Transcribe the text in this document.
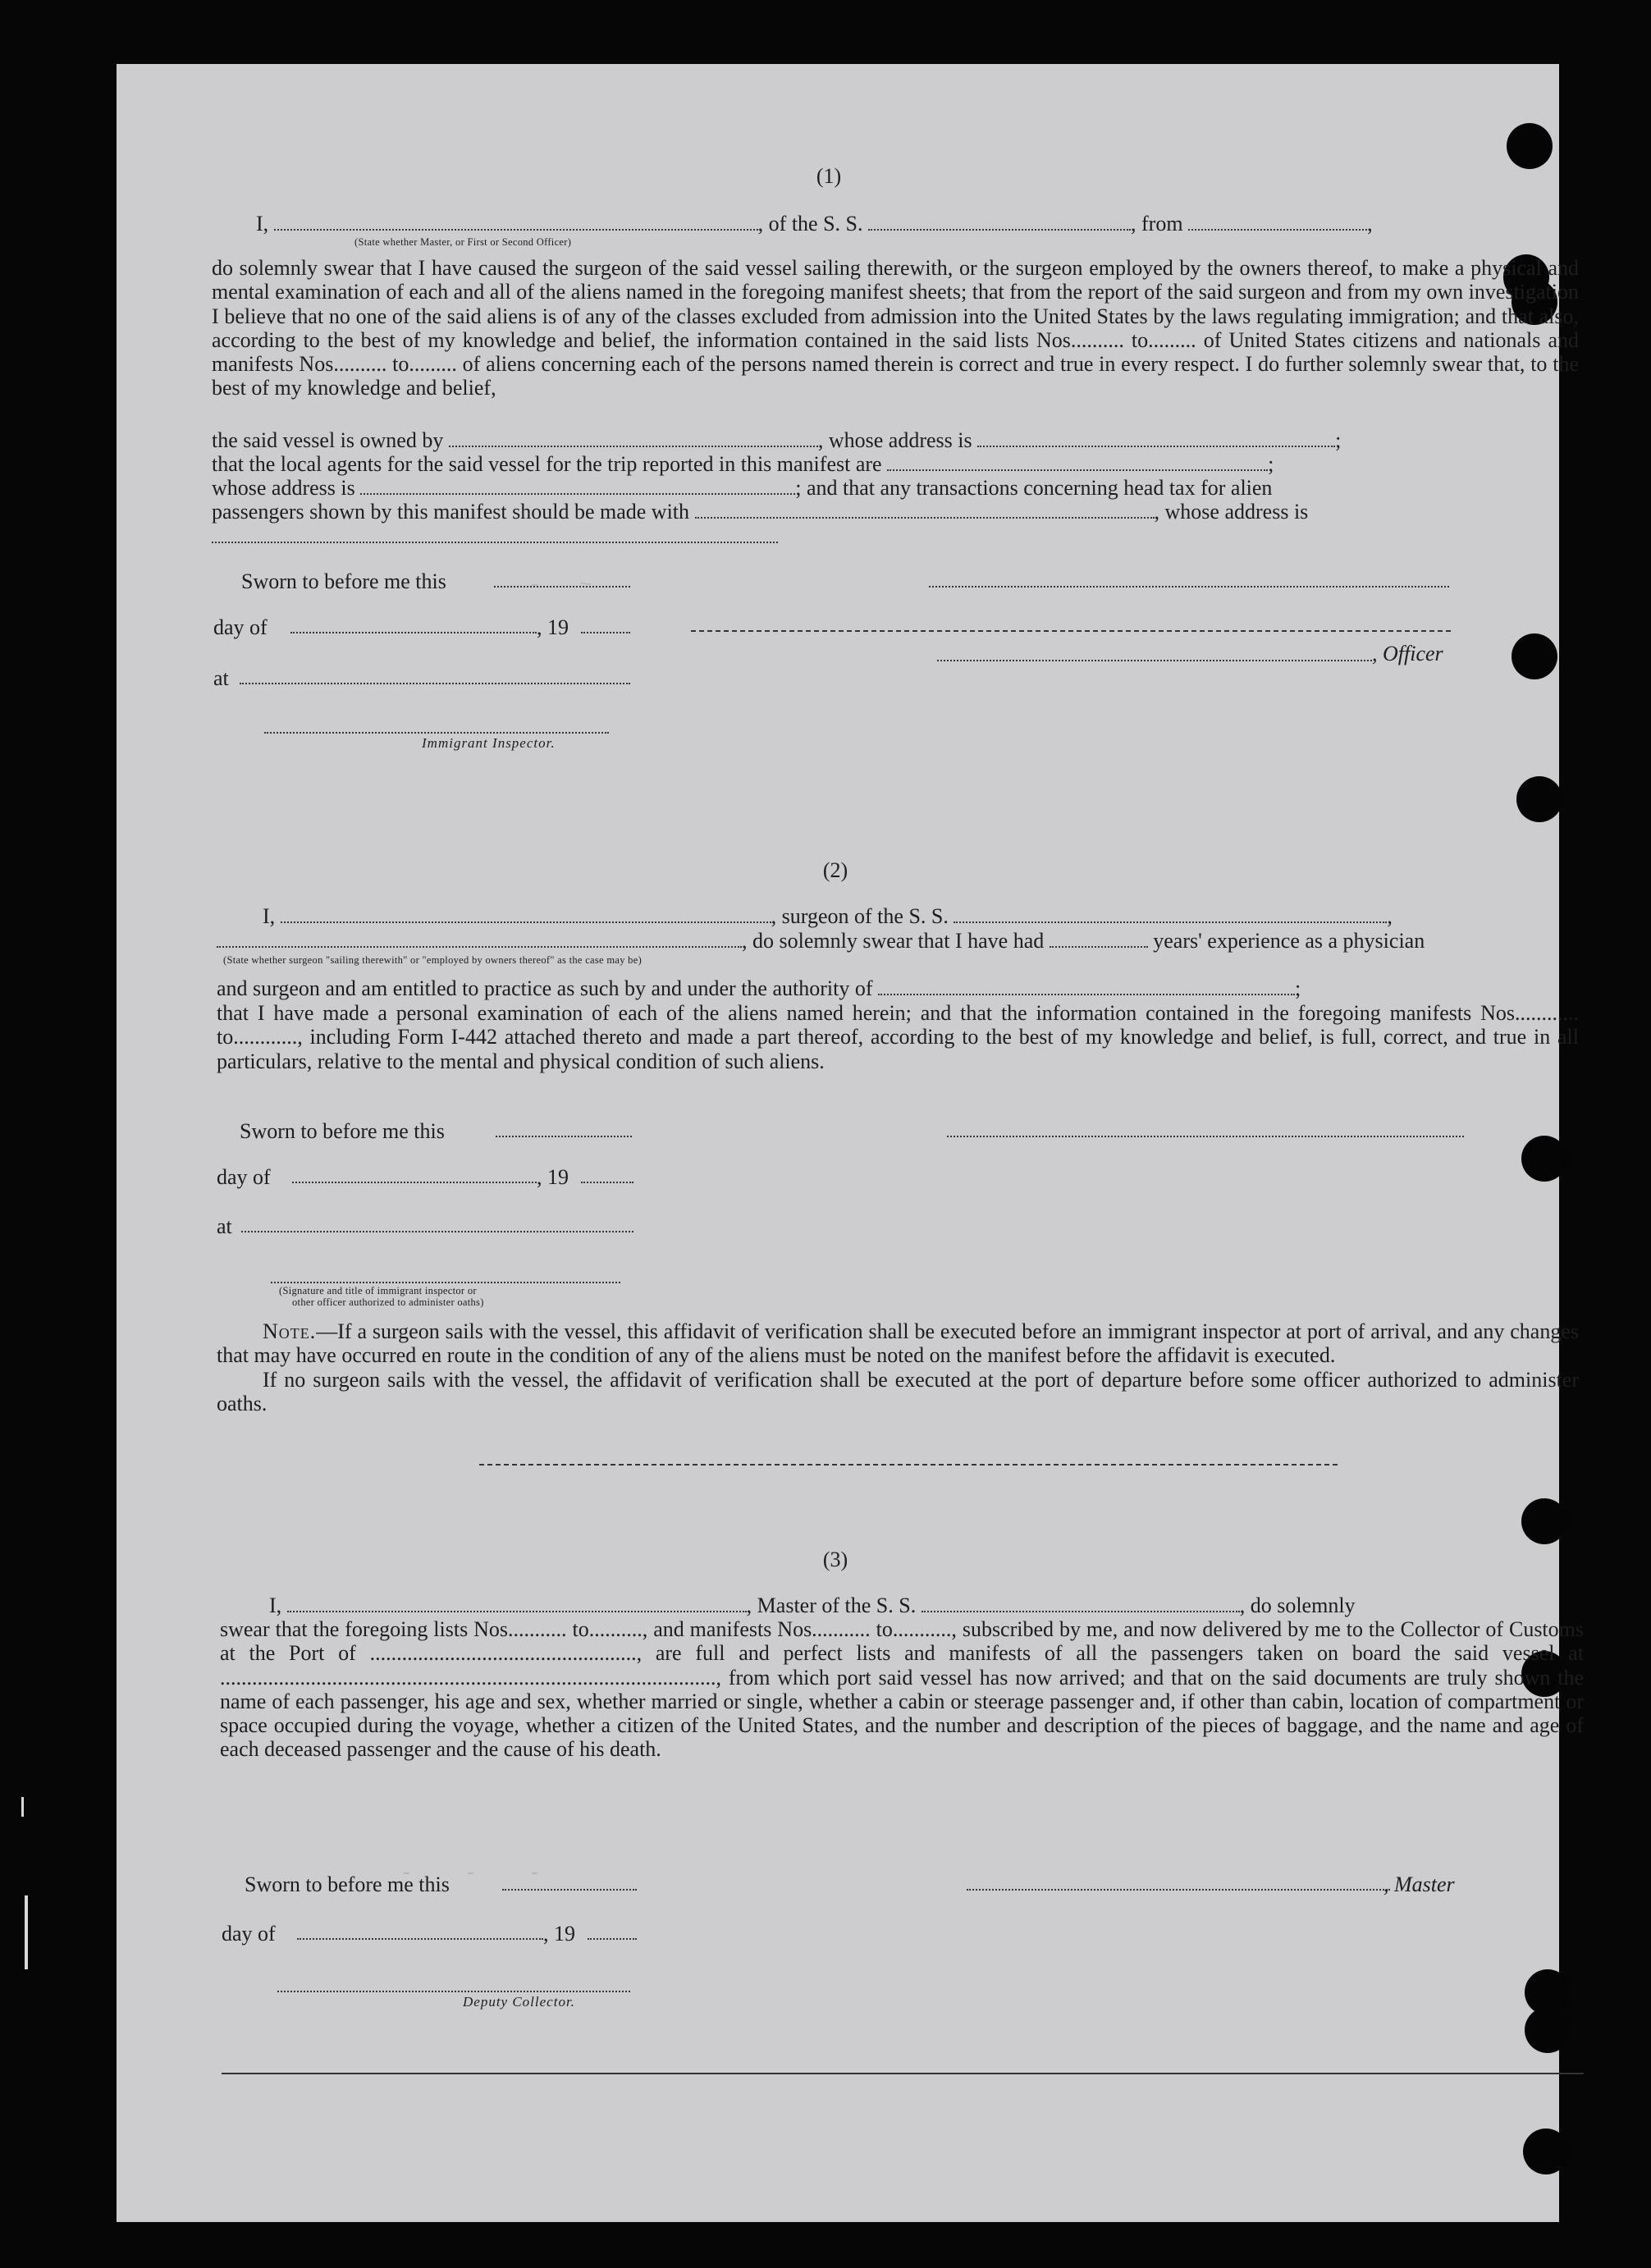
-         -   ~
-    -    -
(1)
I,	, of the S. S.	, from	,
(State whether Master, or First or Second Officer)

do solemnly swear that I have caused the surgeon of the said vessel sailing therewith, or the surgeon employed by the owners thereof, to make a physical and mental examination of each and all of the aliens named in the foregoing manifest sheets; that from the report of the said surgeon and from my own investigation I believe that no one of the said aliens is of any of the classes excluded from admission into the United States by the laws regulating immigration; and that also, according to the best of my knowledge and belief, the information contained in the said lists Nos.......... to......... of United States citizens and nationals and manifests Nos.......... to......... of aliens concerning each of the persons named therein is correct and true in every respect. I do further solemnly swear that, to the best of my knowledge and belief,

the said vessel is owned by	, whose address is	;
that the local agents for the said vessel for the trip reported in this manifest are	;
whose address is	; and that any transactions concerning head tax for alien
passengers shown by this manifest should be made with	, whose address is
Sworn to before me this
day of	, 19
at
, Officer
Immigrant Inspector.
(2)
I,	, surgeon of the S. S.	,
, do solemnly swear that I have had	years' experience as a physician
(State whether surgeon "sailing therewith" or "employed by owners thereof" as the case may be)
and surgeon and am entitled to practice as such by and under the authority of	;

that I have made a personal examination of each of the aliens named herein; and that the information contained in the foregoing manifests Nos............ to............, including Form I-442 attached thereto and made a part thereof, according to the best of my knowledge and belief, is full, correct, and true in all particulars, relative to the mental and physical condition of such aliens.

Sworn to before me this
day of	, 19
at
(Signature and title of immigrant inspector or
other officer authorized to administer oaths)

Note.—If a surgeon sails with the vessel, this affidavit of verification shall be executed before an immigrant inspector at port of arrival, and any changes that may have occurred en route in the condition of any of the aliens must be noted on the manifest before the affidavit is executed.

If no surgeon sails with the vessel, the affidavit of verification shall be executed at the port of departure before some officer authorized to administer oaths.

(3)
I,	, Master of the S. S.	, do solemnly

swear that the foregoing lists Nos........... to.........., and manifests Nos........... to..........., subscribed by me, and now delivered by me to the Collector of Customs at the Port of .................................................., are full and perfect lists and manifests of all the passengers taken on board the said vessel at ............................................................................................., from which port said vessel has now arrived; and that on the said documents are truly shown the name of each passenger, his age and sex, whether married or single, whether a cabin or steerage passenger and, if other than cabin, location of compartment or space occupied during the voyage, whether a citizen of the United States, and the number and description of the pieces of baggage, and the name and age of each deceased passenger and the cause of his death.

Sworn to before me this	, Master
day of	, 19
Deputy Collector.
